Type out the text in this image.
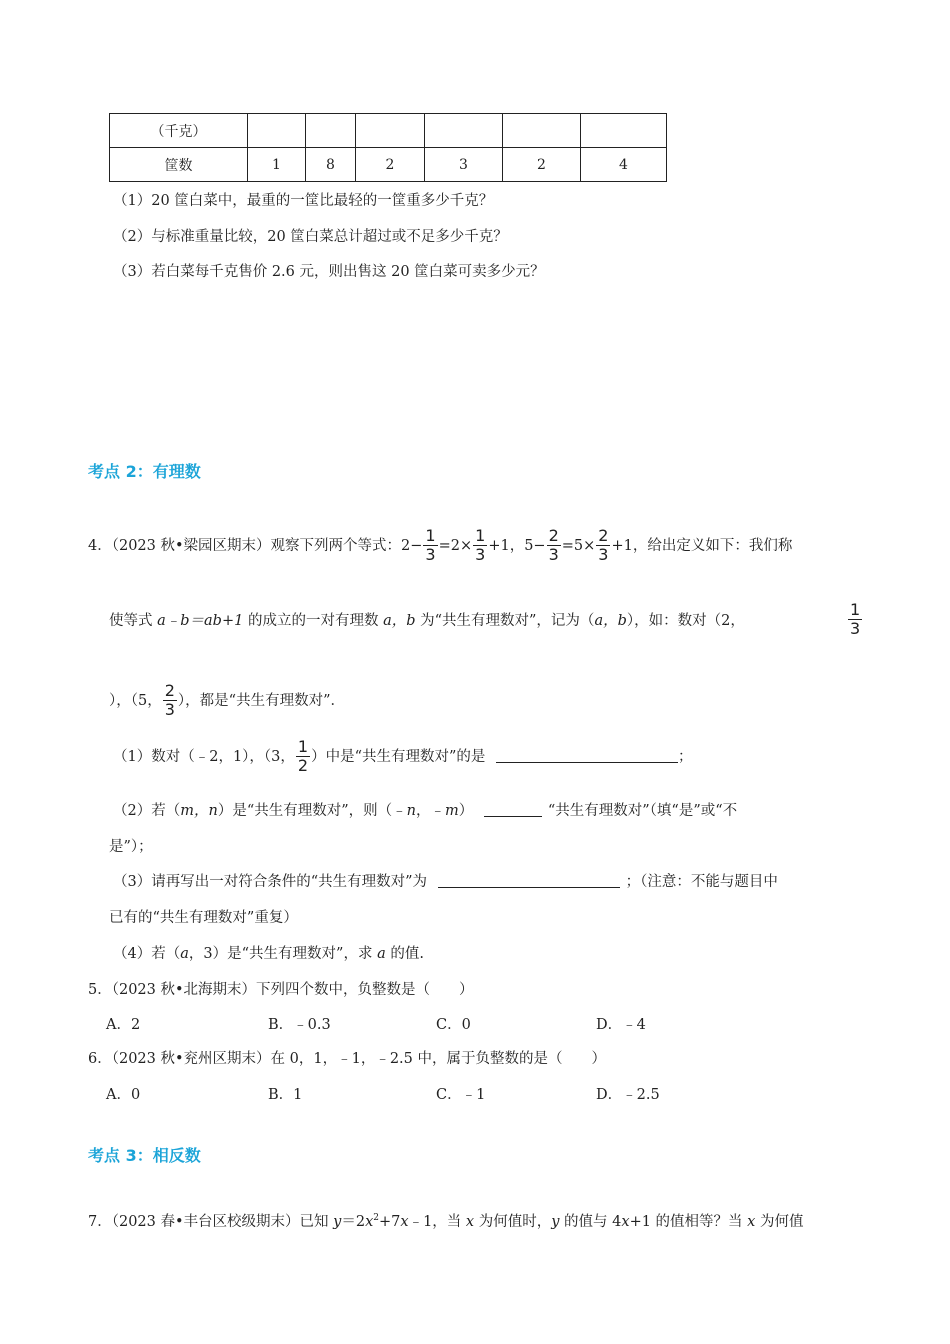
（千克）						
筐数	1	8	2	3	2	4
（1）20 筐白菜中，最重的一筐比最轻的一筐重多少千克？
（2）与标准重量比较，20 筐白菜总计超过或不足多少千克？
（3）若白菜每千克售价 2.6 元，则出售这 20 筐白菜可卖多少元？
考点 2：有理数
4．（2023 秋•梁园区期末）观察下列两个等式：$2- \frac{1}{3} =2\times \frac{1}{3} +1$，$5- \frac{2}{3} =5\times \frac{2}{3} +1$，给出定义如下：我们称
使等式 a﹣b＝ab+1 的成立的一对有理数 a，b 为“共生有理数对”，记为（a，b），如：数对（2，	$\frac{1}{3}$
），（5， $\frac{2}{3}$ ），都是“共生有理数对”．
（1）数对（﹣2，1），（3， $\frac{1}{2}$ ）中是“共生有理数对”的是	；
（2）若（m，n）是“共生有理数对”，则（﹣n，﹣m）	“共生有理数对”（填“是”或“不
是”）；
（3）请再写出一对符合条件的“共生有理数对”为	；（注意：不能与题目中
已有的“共生有理数对”重复）
（4）若（a，3）是“共生有理数对”，求 a 的值.
5．（2023 秋•北海期末）下列四个数中，负整数是（　　）
A．2	B．﹣0.3	C．0	D．﹣4
6．（2023 秋•兖州区期末）在 0，1，﹣1，﹣2.5 中，属于负整数的是（　　）
A．0	B．1	C．﹣1	D．﹣2.5
考点 3：相反数
7．（2023 春•丰台区校级期末）已知 $y=2x^2+7x﹣1$，当 x 为何值时，y 的值与 4x+1 的值相等？当 x 为何值
